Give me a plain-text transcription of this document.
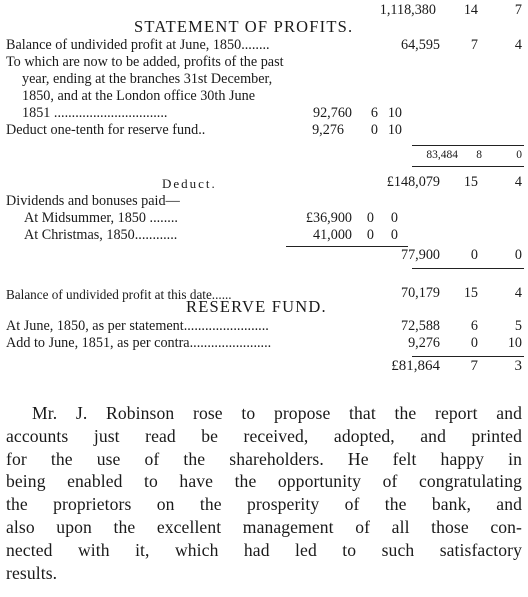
1,118,380	14	7
STATEMENT OF PROFITS.
Balance of undivided profit at June, 1850........	64,595	7	4
To which are now to be added, profits of the past
year, ending at the branches 31st December,
1850, and at the London office 30th June
1851 ................................	92,760	6 10
Deduct one-tenth for reserve fund..	9,276	0 10
83,484	8	0
Deduct.	£148,079	15	4
Dividends and bonuses paid—
At Midsummer, 1850 ........	£36,900	0	0
At Christmas, 1850............	41,000	0	0
77,900	0	0
Balance of undivided profit at this date......	70,179	15	4
RESERVE FUND.
At June, 1850, as per statement........................	72,588	6	5
Add to June, 1851, as per contra.......................	9,276	0	10
£81,864	7	3
Mr. J. Robinson rose to propose that the report and
accounts just read be received, adopted, and printed
for the use of the shareholders. He felt happy in
being enabled to have the opportunity of congratulating
the proprietors on the prosperity of the bank, and
also upon the excellent management of all those con-
nected with it, which had led to such satisfactory
results.
